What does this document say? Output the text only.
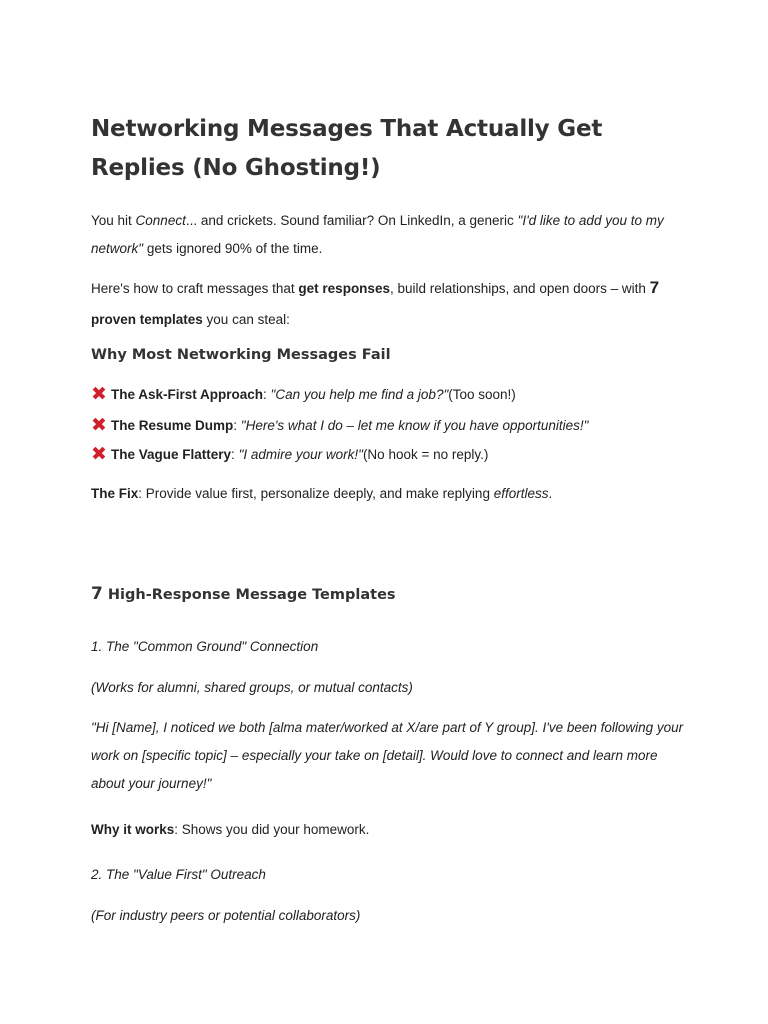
Networking Messages That Actually Get Replies (No Ghosting!)

You hit Connect... and crickets. Sound familiar? On LinkedIn, a generic "I'd like to add you to my network" gets ignored 90% of the time.

Here's how to craft messages that get responses, build relationships, and open doors – with 7 proven templates you can steal:

Why Most Networking Messages Fail
✖ The Ask-First Approach : "Can you help me find a job?" (Too soon!)
✖ The Resume Dump : "Here's what I do – let me know if you have opportunities!"
✖ The Vague Flattery : "I admire your work!" (No hook = no reply.)

The Fix: Provide value first, personalize deeply, and make replying effortless.

7 High-Response Message Templates

1. The "Common Ground" Connection

(Works for alumni, shared groups, or mutual contacts)

"Hi [Name], I noticed we both [alma mater/worked at X/are part of Y group]. I've been following your work on [specific topic] – especially your take on [detail]. Would love to connect and learn more about your journey!"

Why it works: Shows you did your homework.

2. The "Value First" Outreach

(For industry peers or potential collaborators)
